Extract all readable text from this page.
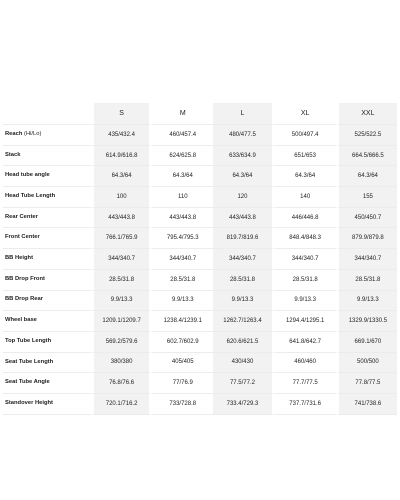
	S	M	L	XL	XXL
Reach (Hi/Lo)	435/432.4	460/457.4	480/477.5	500/497.4	525/522.5
Stack	614.9/616.8	624/625.8	633/634.9	651/653	664.5/666.5
Head tube angle	64.3/64	64.3/64	64.3/64	64.3/64	64.3/64
Head Tube Length	100	110	120	140	155
Rear Center	443/443.8	443/443.8	443/443.8	446/446.8	450/450.7
Front Center	766.1/765.9	795.4/795.3	819.7/819.6	848.4/848.3	879.9/879.8
BB Height	344/340.7	344/340.7	344/340.7	344/340.7	344/340.7
BB Drop Front	28.5/31.8	28.5/31.8	28.5/31.8	28.5/31.8	28.5/31.8
BB Drop Rear	9.9/13.3	9.9/13.3	9.9/13.3	9.9/13.3	9.9/13.3
Wheel base	1209.1/1209.7	1238.4/1239.1	1262.7/1263.4	1294.4/1295.1	1329.9/1330.5
Top Tube Length	569.2/579.6	602.7/602.9	620.6/621.5	641.8/642.7	669.1/670
Seat Tube Length	380/380	405/405	430/430	460/460	500/500
Seat Tube Angle	76.8/76.6	77/76.9	77.5/77.2	77.7/77.5	77.8/77.5
Standover Height	720.1/716.2	733/728.8	733.4/729.3	737.7/731.6	741/738.6
